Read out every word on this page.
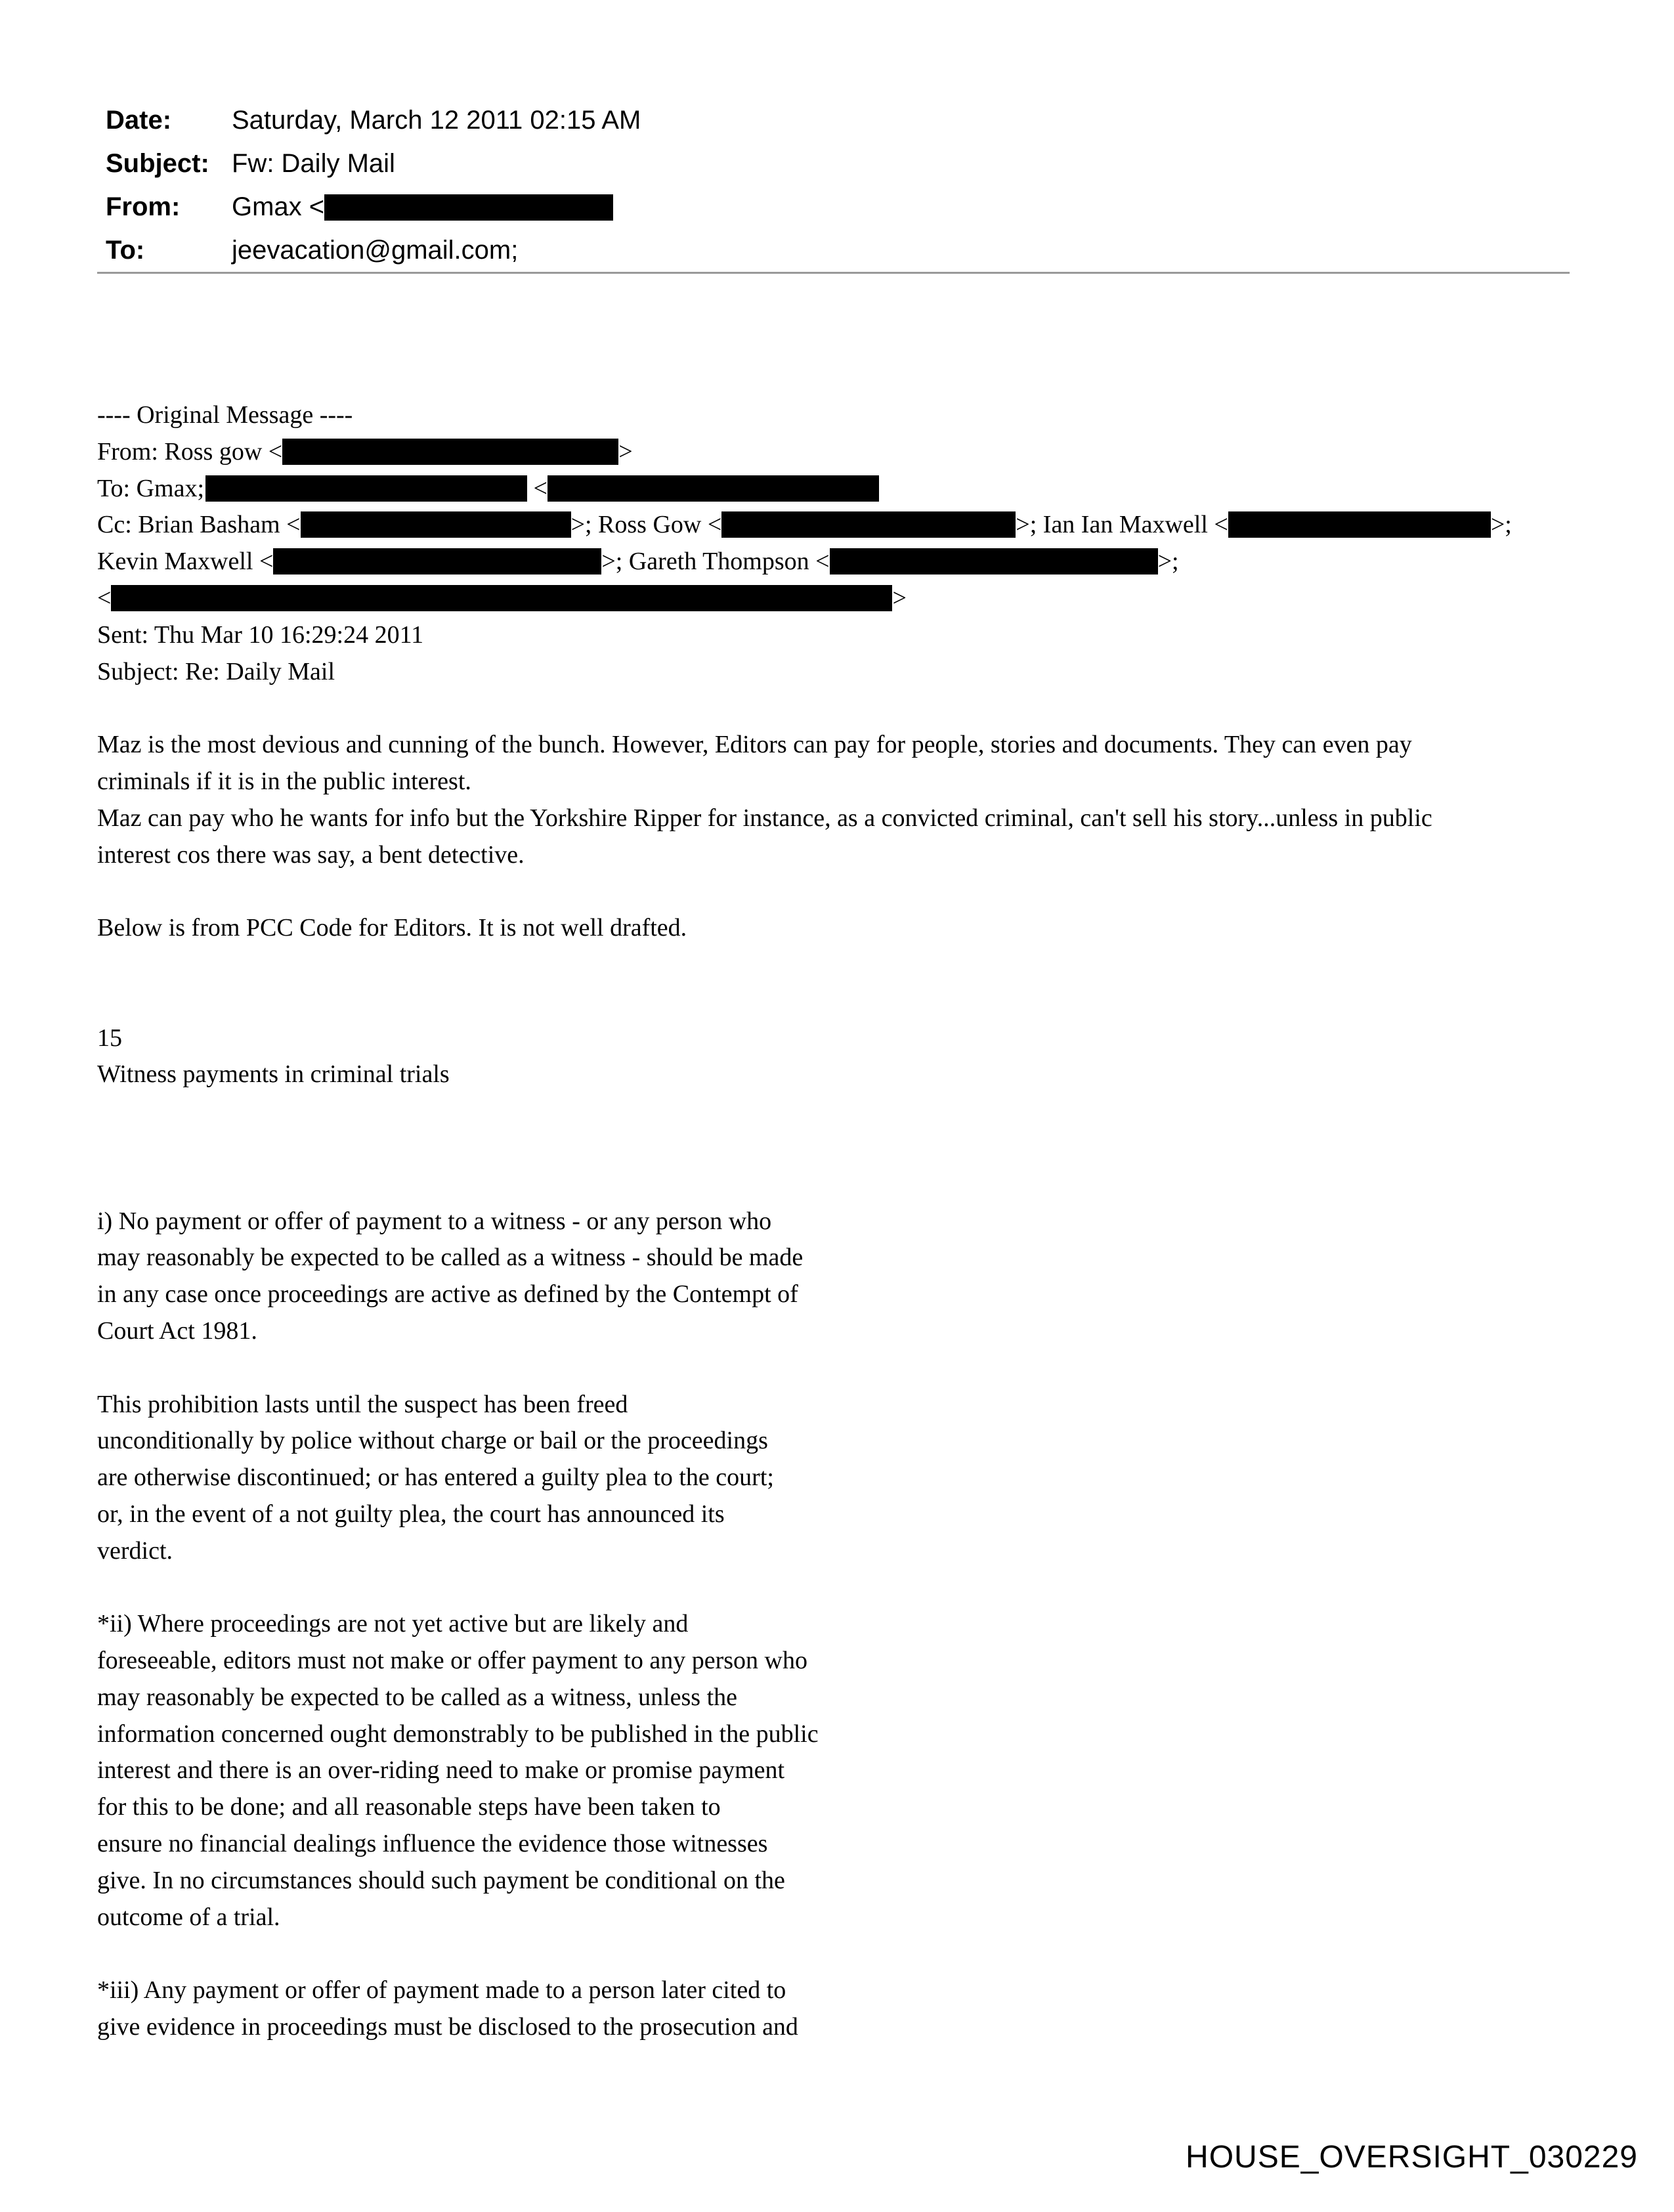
Date:	Saturday, March 12 2011 02:15 AM
Subject: Fw: Daily Mail
From:	Gmax <
To:	jeevacation@gmail.com;
---- Original Message ----
From: Ross gow <	>
To: Gmax;	<
Cc: Brian Basham <	>; Ross Gow <	>; Ian Ian Maxwell <	>;
Kevin Maxwell <	>; Gareth Thompson <	>;
<	>
Sent: Thu Mar 10 16:29:24 2011
Subject: Re: Daily Mail
Maz is the most devious and cunning of the bunch. However, Editors can pay for people, stories and documents. They can even pay
criminals if it is in the public interest.
Maz can pay who he wants for info but the Yorkshire Ripper for instance, as a convicted criminal, can't sell his story...unless in public
interest cos there was say, a bent detective.
Below is from PCC Code for Editors. It is not well drafted.
15
Witness payments in criminal trials
i) No payment or offer of payment to a witness - or any person who
may reasonably be expected to be called as a witness - should be made
in any case once proceedings are active as defined by the Contempt of
Court Act 1981.
This prohibition lasts until the suspect has been freed
unconditionally by police without charge or bail or the proceedings
are otherwise discontinued; or has entered a guilty plea to the court;
or, in the event of a not guilty plea, the court has announced its
verdict.
*ii) Where proceedings are not yet active but are likely and
foreseeable, editors must not make or offer payment to any person who
may reasonably be expected to be called as a witness, unless the
information concerned ought demonstrably to be published in the public
interest and there is an over-riding need to make or promise payment
for this to be done; and all reasonable steps have been taken to
ensure no financial dealings influence the evidence those witnesses
give. In no circumstances should such payment be conditional on the
outcome of a trial.
*iii) Any payment or offer of payment made to a person later cited to
give evidence in proceedings must be disclosed to the prosecution and
HOUSE_OVERSIGHT_030229
